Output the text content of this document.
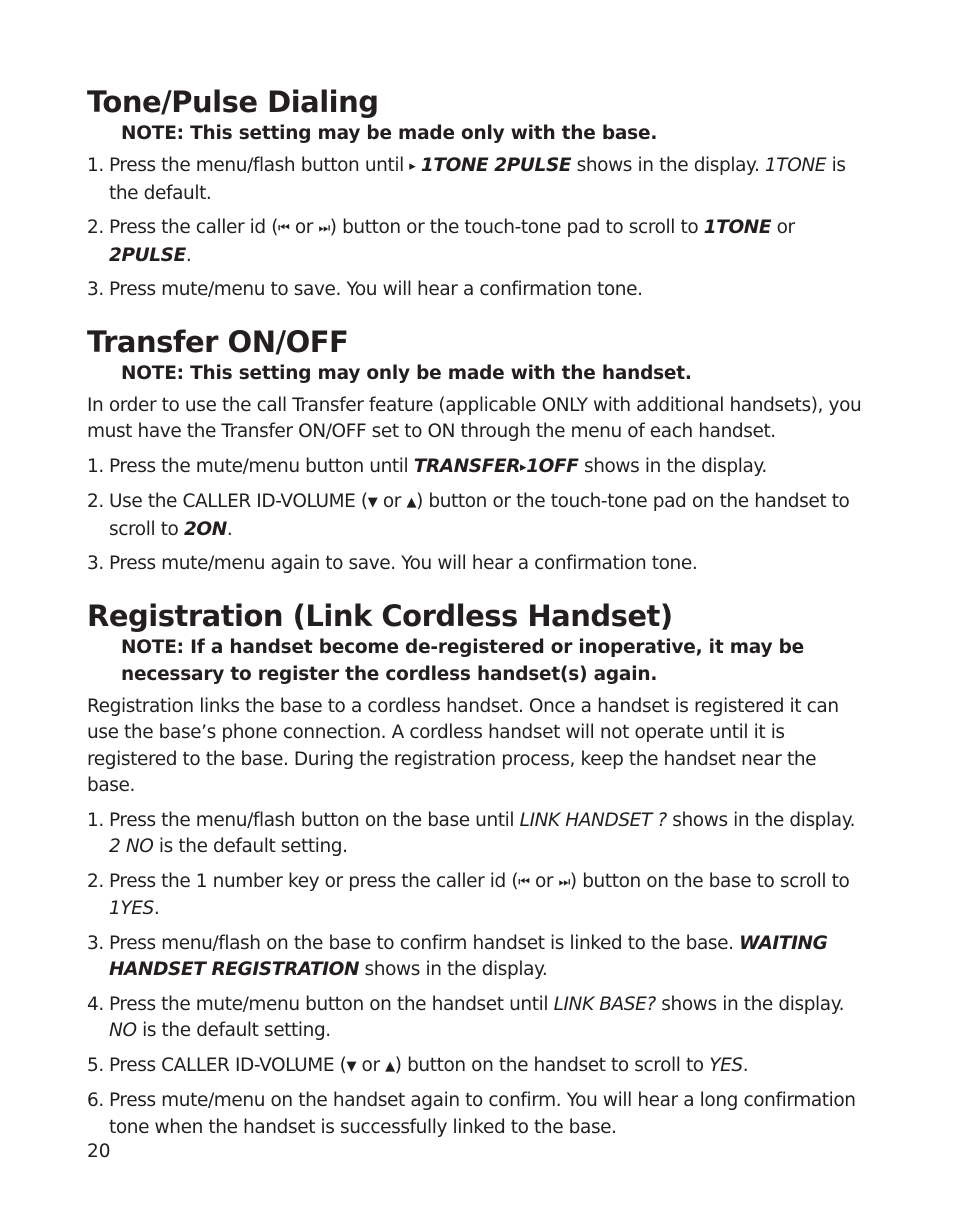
Tone/Pulse Dialing

NOTE: This setting may be made only with the base.

1. Press the menu/flash button until ▸ 1TONE 2PULSE shows in the display. 1TONE is the default.
2. Press the caller id (⏮ or ⏭) button or the touch-tone pad to scroll to 1TONE or 2PULSE.
3. Press mute/menu to save. You will hear a confirmation tone.
Transfer ON/OFF

NOTE: This setting may only be made with the handset.

In order to use the call Transfer feature (applicable ONLY with additional handsets), you must have the Transfer ON/OFF set to ON through the menu of each handset.

1. Press the mute/menu button until TRANSFER▸1OFF shows in the display.
2. Use the CALLER ID-VOLUME (▼ or ▲) button or the touch-tone pad on the handset to scroll to 2ON.
3. Press mute/menu again to save. You will hear a confirmation tone.
Registration (Link Cordless Handset)

NOTE: If a handset become de-registered or inoperative, it may be necessary to register the cordless handset(s) again.

Registration links the base to a cordless handset. Once a handset is registered it can use the base’s phone connection. A cordless handset will not operate until it is registered to the base. During the registration process, keep the handset near the base.

1. Press the menu/flash button on the base until LINK HANDSET ? shows in the display. 2 NO is the default setting.
2. Press the 1 number key or press the caller id (⏮ or ⏭) button on the base to scroll to 1YES.
3. Press menu/flash on the base to confirm handset is linked to the base. WAITING HANDSET REGISTRATION shows in the display.
4. Press the mute/menu button on the handset until LINK BASE? shows in the display. NO is the default setting.
5. Press CALLER ID-VOLUME (▼ or ▲) button on the handset to scroll to YES.
6. Press mute/menu on the handset again to confirm. You will hear a long confirmation tone when the handset is successfully linked to the base.
20
